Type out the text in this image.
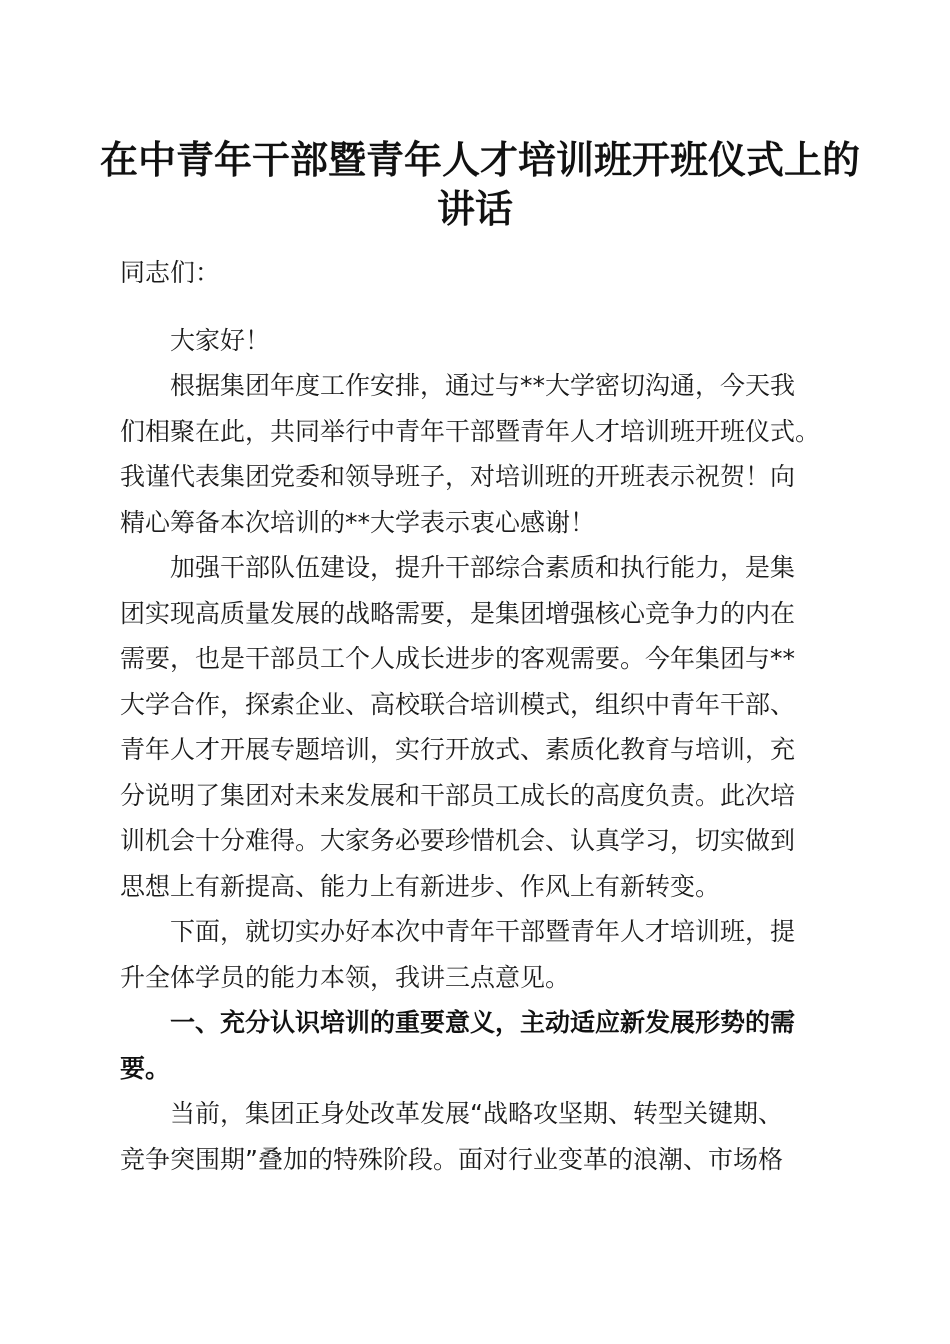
在中青年干部暨青年人才培训班开班仪式上的
讲话

同志们：

大家好！

根据集团年度工作安排，通过与**大学密切沟通，今天我

们相聚在此，共同举行中青年干部暨青年人才培训班开班仪式。

我谨代表集团党委和领导班子，对培训班的开班表示祝贺！向

精心筹备本次培训的**大学表示衷心感谢！

加强干部队伍建设，提升干部综合素质和执行能力，是集

团实现高质量发展的战略需要，是集团增强核心竞争力的内在

需要，也是干部员工个人成长进步的客观需要。今年集团与**

大学合作，探索企业、高校联合培训模式，组织中青年干部、

青年人才开展专题培训，实行开放式、素质化教育与培训，充

分说明了集团对未来发展和干部员工成长的高度负责。此次培

训机会十分难得。大家务必要珍惜机会、认真学习，切实做到

思想上有新提高、能力上有新进步、作风上有新转变。

下面，就切实办好本次中青年干部暨青年人才培训班，提

升全体学员的能力本领，我讲三点意见。

一、充分认识培训的重要意义，主动适应新发展形势的需

要。

当前，集团正身处改革发展“战略攻坚期、转型关键期、

竞争突围期”叠加的特殊阶段。面对行业变革的浪潮、市场格
